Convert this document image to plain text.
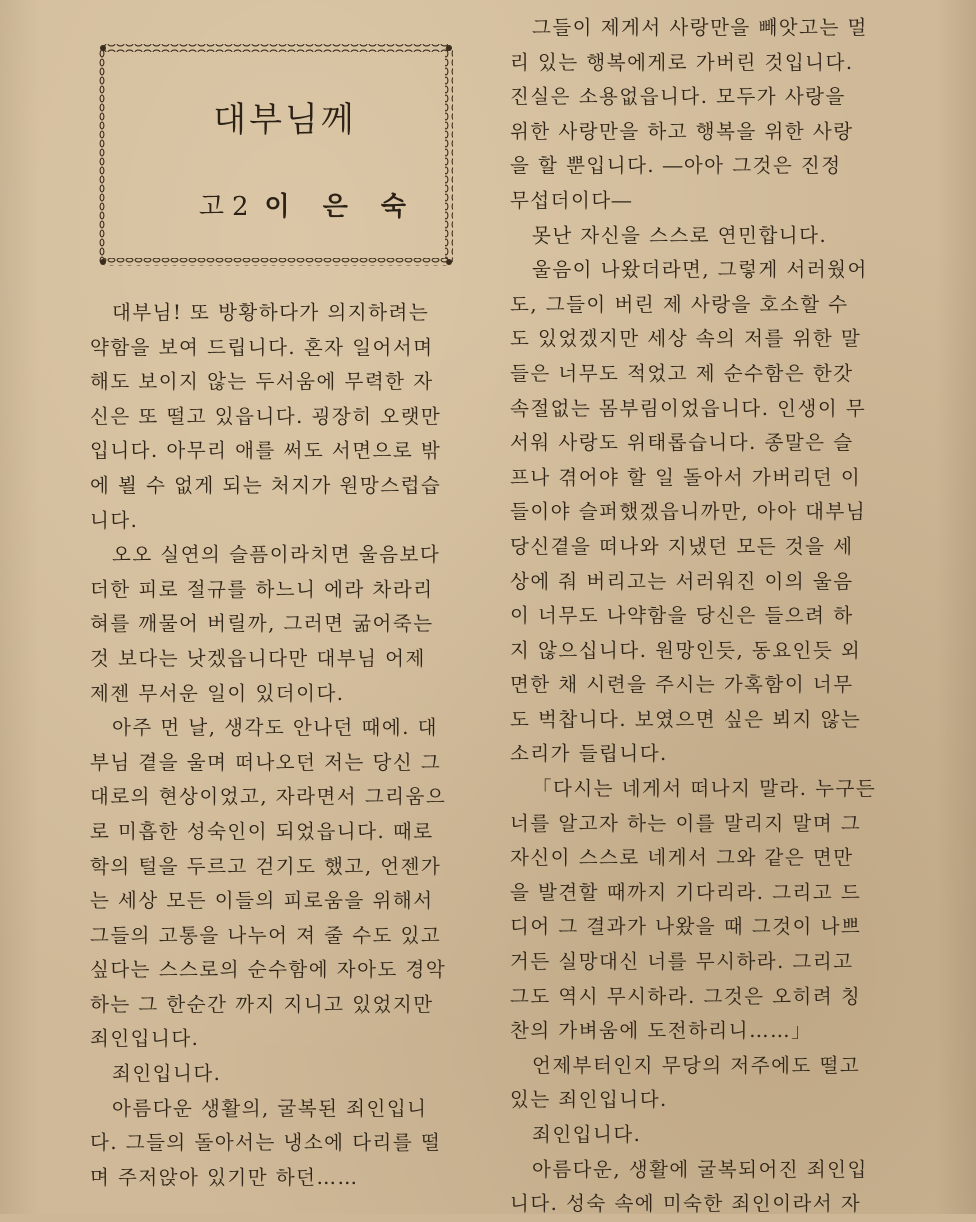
대부님께
고2 이 은 숙

대부님! 또 방황하다가 의지하려는

약함을 보여 드립니다. 혼자 일어서며

해도 보이지 않는 두서움에 무력한 자

신은 또 떨고 있읍니다. 굉장히 오랫만

입니다. 아무리 애를 써도 서면으로 밖

에 뵐 수 없게 되는 처지가 원망스럽습

니다.

오오 실연의 슬픔이라치면 울음보다

더한 피로 절규를 하느니 에라 차라리

혀를 깨물어 버릴까, 그러면 굶어죽는

것 보다는 낫겠읍니다만 대부님 어제

제젠 무서운 일이 있더이다.

아주 먼 날, 생각도 안나던 때에. 대

부님 곁을 울며 떠나오던 저는 당신 그

대로의 현상이었고, 자라면서 그리움으

로 미흡한 성숙인이 되었읍니다. 때로

학의 털을 두르고 걷기도 했고, 언젠가

는 세상 모든 이들의 피로움을 위해서

그들의 고통을 나누어 져 줄 수도 있고

싶다는 스스로의 순수함에 자아도 경악

하는 그 한순간 까지 지니고 있었지만

죄인입니다.

죄인입니다.

아름다운 생활의, 굴복된 죄인입니

다. 그들의 돌아서는 냉소에 다리를 떨

며 주저앉아 있기만 하던……

그들이 제게서 사랑만을 빼앗고는 멀

리 있는 행복에게로 가버린 것입니다.

진실은 소용없읍니다. 모두가 사랑을

위한 사랑만을 하고 행복을 위한 사랑

을 할 뿐입니다. ―아아 그것은 진정

무섭더이다―

못난 자신을 스스로 연민합니다.

울음이 나왔더라면, 그렇게 서러웠어

도, 그들이 버린 제 사랑을 호소할 수

도 있었겠지만 세상 속의 저를 위한 말

들은 너무도 적었고 제 순수함은 한갓

속절없는 몸부림이었읍니다. 인생이 무

서워 사랑도 위태롭습니다. 종말은 슬

프나 겪어야 할 일 돌아서 가버리던 이

들이야 슬퍼했겠읍니까만, 아아 대부님

당신곁을 떠나와 지냈던 모든 것을 세

상에 줘 버리고는 서러워진 이의 울음

이 너무도 나약함을 당신은 들으려 하

지 않으십니다. 원망인듯, 동요인듯 외

면한 채 시련을 주시는 가혹함이 너무

도 벅찹니다. 보였으면 싶은 뵈지 않는

소리가 들립니다.

「다시는 네게서 떠나지 말라. 누구든

너를 알고자 하는 이를 말리지 말며 그

자신이 스스로 네게서 그와 같은 면만

을 발견할 때까지 기다리라. 그리고 드

디어 그 결과가 나왔을 때 그것이 나쁘

거든 실망대신 너를 무시하라. 그리고

그도 역시 무시하라. 그것은 오히려 칭

찬의 가벼움에 도전하리니……」

언제부터인지 무당의 저주에도 떨고

있는 죄인입니다.

죄인입니다.

아름다운, 생활에 굴복되어진 죄인입

니다. 성숙 속에 미숙한 죄인이라서 자
